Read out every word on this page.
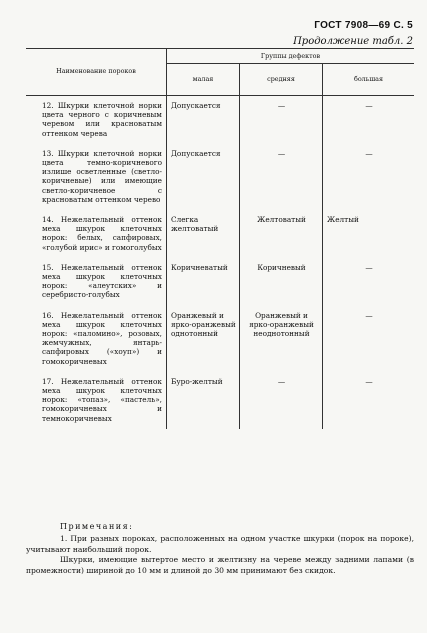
ГОСТ 7908—69 С. 5
Продолжение табл. 2
Наименование пороков	Группы дефектов		
	малая	средняя	большая
12. Шкурки клеточной норки цвета черного с коричневым черевом или красноватым оттенком черева	Допускается	—	—
13. Шкурки клеточной норки цвета темно-коричневого излише осветленные (светло-коричневые) или имеющие светло-коричневое с красноватым оттенком черево	Допускается	—	—
14. Нежелательный оттенок меха шкурок клеточных норок: белых, сапфировых, «голубой ирис» и гомоголубых	Слегка желтоватый	Желтоватый	Желтый
15. Нежелательный оттенок меха шкурок клеточных норок: «алеутских» и серебристо-голубых	Коричневатый	Коричневый	—
16. Нежелательный оттенок меха шкурок клеточных норок: «паломино», розовых, жемчужных, янтарь-сапфировых («хоуп») и гомокоричневых	Оранжевый и ярко-оранжевый однотонный	Оранжевый и ярко-оранжевый неоднотонный	—
17. Нежелательный оттенок меха шкурок клеточных норок: «топаз», «пастель», гомокоричневых и темнокоричневых	Буро-желтый	—	—
Примечания:

1. При разных пороках, расположенных на одном участке шкурки (порок на пороке), учитывают наибольший порок.

Шкурки, имеющие вытертое место и желтизну на череве между задними лапами (в промежности) шириной до 10 мм и длиной до 30 мм принимают без скидок.
